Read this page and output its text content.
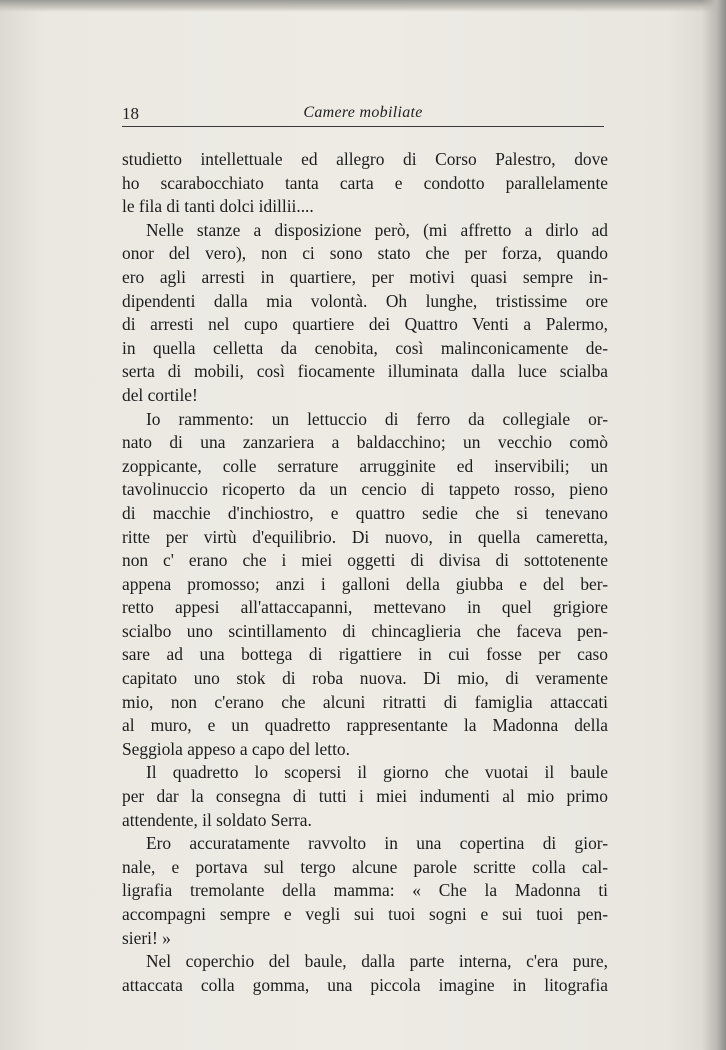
18	Camere mobiliate
studietto intellettuale ed allegro di Corso Palestro, dove
ho scarabocchiato tanta carta e condotto parallelamente
le fila di tanti dolci idillii....
Nelle stanze a disposizione però, (mi affretto a dirlo ad
onor del vero), non ci sono stato che per forza, quando
ero agli arresti in quartiere, per motivi quasi sempre in-
dipendenti dalla mia volontà. Oh lunghe, tristissime ore
di arresti nel cupo quartiere dei Quattro Venti a Palermo,
in quella celletta da cenobita, così malinconicamente de-
serta di mobili, così fiocamente illuminata dalla luce scialba
del cortile!
Io rammento: un lettuccio di ferro da collegiale or-
nato di una zanzariera a baldacchino; un vecchio comò
zoppicante, colle serrature arrugginite ed inservibili; un
tavolinuccio ricoperto da un cencio di tappeto rosso, pieno
di macchie d'inchiostro, e quattro sedie che si tenevano
ritte per virtù d'equilibrio. Di nuovo, in quella cameretta,
non c' erano che i miei oggetti di divisa di sottotenente
appena promosso; anzi i galloni della giubba e del ber-
retto appesi all'attaccapanni, mettevano in quel grigiore
scialbo uno scintillamento di chincaglieria che faceva pen-
sare ad una bottega di rigattiere in cui fosse per caso
capitato uno stok di roba nuova. Di mio, di veramente
mio, non c'erano che alcuni ritratti di famiglia attaccati
al muro, e un quadretto rappresentante la Madonna della
Seggiola appeso a capo del letto.
Il quadretto lo scopersi il giorno che vuotai il baule
per dar la consegna di tutti i miei indumenti al mio primo
attendente, il soldato Serra.
Ero accuratamente ravvolto in una copertina di gior-
nale, e portava sul tergo alcune parole scritte colla cal-
ligrafia tremolante della mamma: « Che la Madonna ti
accompagni sempre e vegli sui tuoi sogni e sui tuoi pen-
sieri! »
Nel coperchio del baule, dalla parte interna, c'era pure,
attaccata colla gomma, una piccola imagine in litografia
